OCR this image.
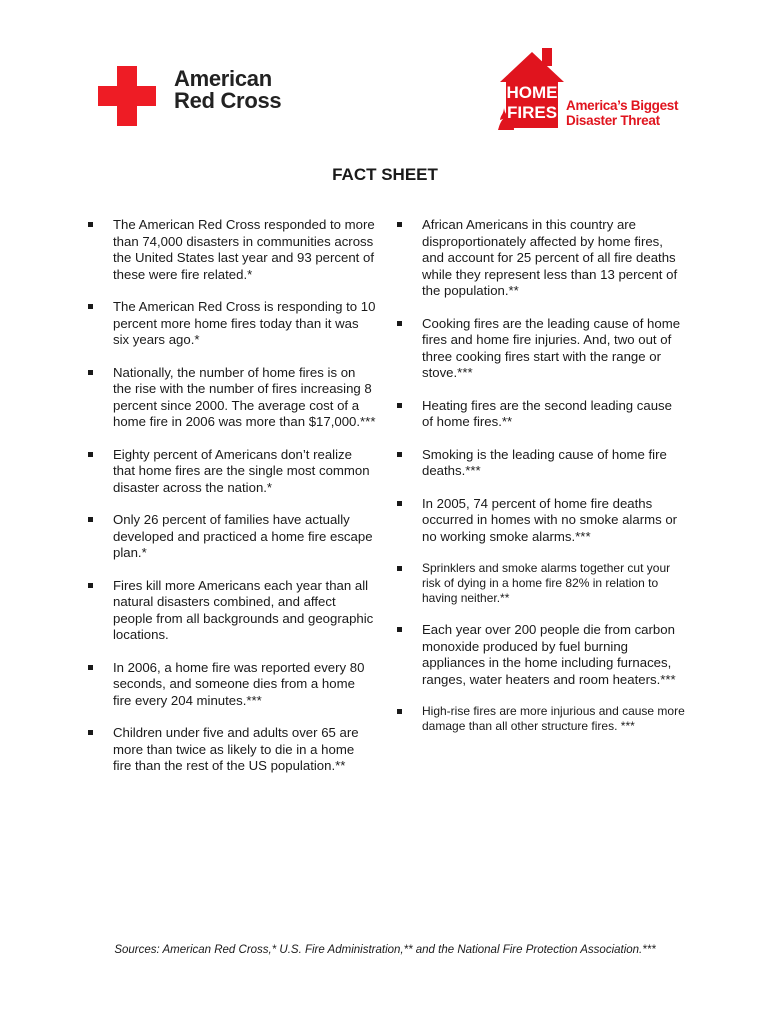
American
Red Cross	HOME
FIRES America’s Biggest
Disaster Threat
FACT SHEET
The American Red Cross responded to more than 74,000 disasters in communities across the United States last year and 93 percent of these were fire related.*
The American Red Cross is responding to 10 percent more home fires today than it was six years ago.*
Nationally, the number of home fires is on the rise with the number of fires increasing 8 percent since 2000. The average cost of a home fire in 2006 was more than $17,000.***
Eighty percent of Americans don’t realize that home fires are the single most common disaster across the nation.*
Only 26 percent of families have actually developed and practiced a home fire escape plan.*
Fires kill more Americans each year than all natural disasters combined, and affect people from all backgrounds and geographic locations.
In 2006, a home fire was reported every 80 seconds, and someone dies from a home fire every 204 minutes.***
Children under five and adults over 65 are more than twice as likely to die in a home fire than the rest of the US population.**
African Americans in this country are disproportionately affected by home fires, and account for 25 percent of all fire deaths while they represent less than 13 percent of the population.**
Cooking fires are the leading cause of home fires and home fire injuries. And, two out of three cooking fires start with the range or stove.***
Heating fires are the second leading cause of home fires.**
Smoking is the leading cause of home fire deaths.***
In 2005, 74 percent of home fire deaths occurred in homes with no smoke alarms or no working smoke alarms.***
Sprinklers and smoke alarms together cut your risk of dying in a home fire 82% in relation to having neither.**
Each year over 200 people die from carbon monoxide produced by fuel burning appliances in the home including furnaces, ranges, water heaters and room heaters.***
High-rise fires are more injurious and cause more damage than all other structure fires. ***
Sources: American Red Cross,* U.S. Fire Administration,** and the National Fire Protection Association.***
